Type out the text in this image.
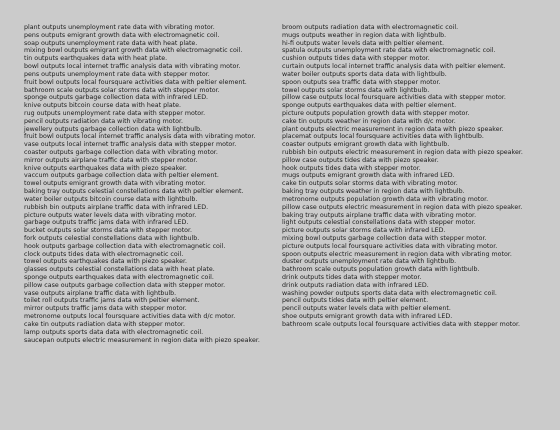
plant outputs unemployment rate data with vibrating motor.

pens outputs emigrant growth data with electromagnetic coil.

soap outputs unemployment rate data with heat plate.

mixing bowl outputs emigrant growth data with electromagnetic coil.

tin outputs earthquakes data with heat plate.

bowl outputs local internet traffic analysis data with vibrating motor.

pens outputs unemployment rate data with stepper motor.

fruit bowl outputs local foursquare activities data with peltier element.

bathroom scale outputs solar storms data with stepper motor.

sponge outputs garbage collection data with infrared LED.

knive outputs bitcoin course data with heat plate.

rug outputs unemployment rate data with stepper motor.

pencil outputs radiation data with vibrating motor.

jewellery outputs garbage collection data with lightbulb.

fruit bowl outputs local internet traffic analysis data with vibrating motor.

vase outputs local internet traffic analysis data with stepper motor.

coaster outputs garbage collection data with vibrating motor.

mirror outputs airplane traffic data with stepper motor.

knive outputs earthquakes data with piezo speaker.

vaccum outputs garbage collection data with peltier element.

towel outputs emigrant growth data with vibrating motor.

baking tray outputs celestial constellations data with peltier element.

water boiler outputs bitcoin course data with lightbulb.

rubbish bin outputs airplane traffic data with infrared LED.

picture outputs water levels data with vibrating motor.

garbage outputs traffic jams data with infrared LED.

bucket outputs solar storms data with stepper motor.

fork outputs celestial constellations data with lightbulb.

hook outputs garbage collection data with electromagnetic coil.

clock outputs tides data with electromagnetic coil.

towel outputs earthquakes data with piezo speaker.

glasses outputs celestial constellations data with heat plate.

sponge outputs earthquakes data with electromagnetic coil.

pillow case outputs garbage collection data with stepper motor.

vase outputs airplane traffic data with lightbulb.

toilet roll outputs traffic jams data with peltier element.

mirror outputs traffic jams data with stepper motor.

metronome outputs local foursquare activities data with d/c motor.

cake tin outputs radiation data with stepper motor.

lamp outputs sports data data with electromagnetic coil.

saucepan outputs electric measurement in region data with piezo speaker.

broom outputs radiation data with electromagnetic coil.

mugs outputs weather in region data with lightbulb.

hi-fi outputs water levels data with peltier element.

spatula outputs unemployment rate data with electromagnetic coil.

cushion outputs tides data with stepper motor.

curtain outputs local internet traffic analysis data with peltier element.

water boiler outputs sports data data with lightbulb.

spoon outputs sea traffic data with stepper motor.

towel outputs solar storms data with lightbulb.

pillow case outputs local foursquare activities data with stepper motor.

sponge outputs earthquakes data with peltier element.

picture outputs population growth data with stepper motor.

cake tin outputs weather in region data with d/c motor.

plant outputs electric measurement in region data with piezo speaker.

placemat outputs local foursquare activities data with lightbulb.

coaster outputs emigrant growth data with lightbulb.

rubbish bin outputs electric measurement in region data with piezo speaker.

pillow case outputs tides data with piezo speaker.

hook outputs tides data with stepper motor.

mugs outputs emigrant growth data with infrared LED.

cake tin outputs solar storms data with vibrating motor.

baking tray outputs weather in region data with lightbulb.

metronome outputs population growth data with vibrating motor.

pillow case outputs electric measurement in region data with piezo speaker.

baking tray outputs airplane traffic data with vibrating motor.

light outputs celestial constellations data with stepper motor.

picture outputs solar storms data with infrared LED.

mixing bowl outputs garbage collection data with stepper motor.

picture outputs local foursquare activities data with vibrating motor.

spoon outputs electric measurement in region data with vibrating motor.

duster outputs unemployment rate data with lightbulb.

bathroom scale outputs population growth data with lightbulb.

drink outputs tides data with stepper motor.

drink outputs radiation data with infrared LED.

washing powder outputs sports data data with electromagnetic coil.

pencil outputs tides data with peltier element.

pencil outputs water levels data with peltier element.

shoe outputs emigrant growth data with infrared LED.

bathroom scale outputs local foursquare activities data with stepper motor.
